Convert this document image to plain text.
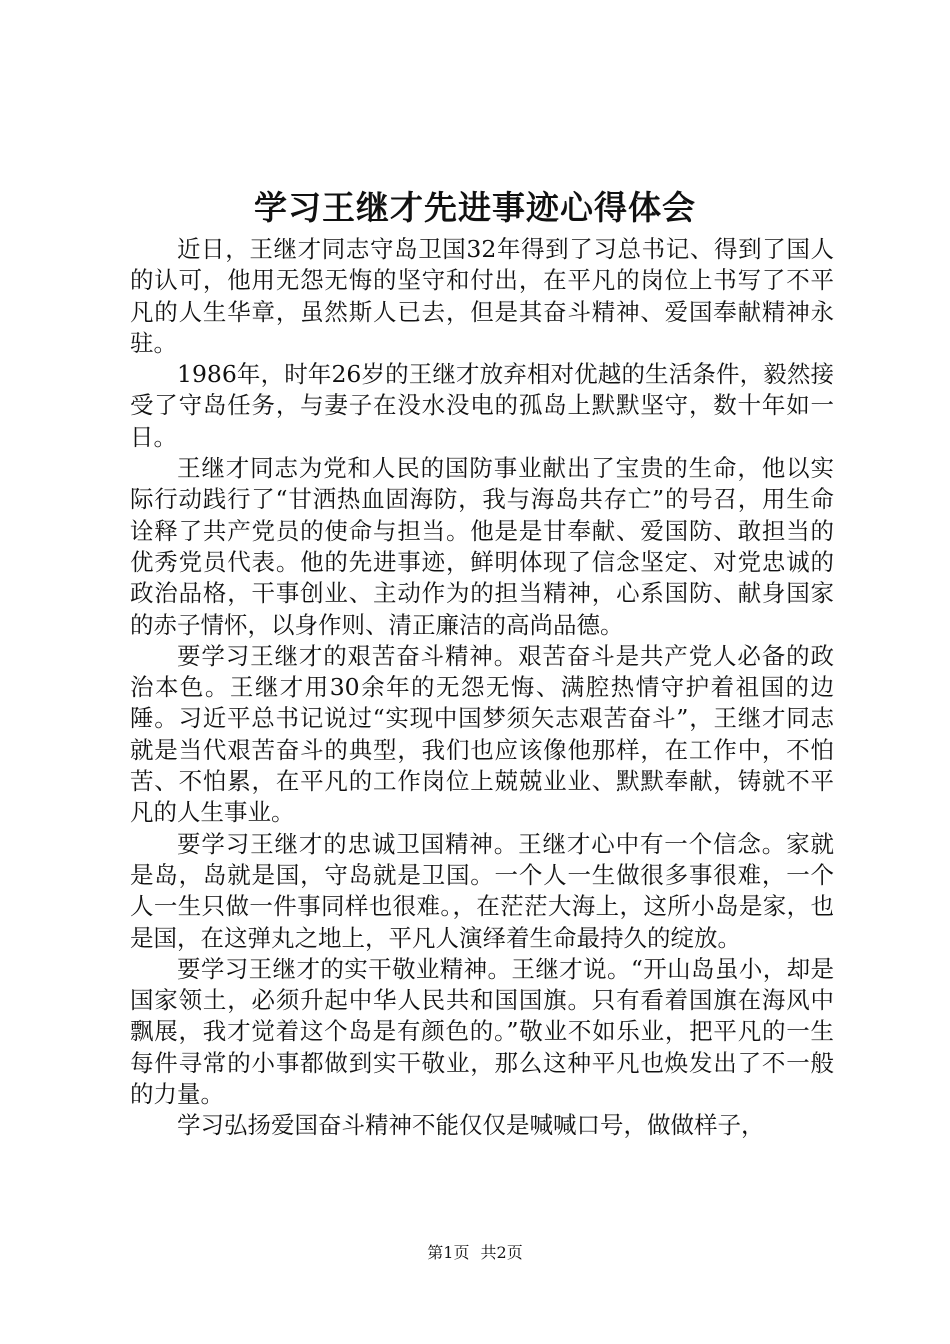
学习王继才先进事迹心得体会

近日，王继才同志守岛卫国32年得到了习总书记、得到了国人的认可，他用无怨无悔的坚守和付出，在平凡的岗位上书写了不平凡的人生华章，虽然斯人已去，但是其奋斗精神、爱国奉献精神永驻。

1986年，时年26岁的王继才放弃相对优越的生活条件，毅然接受了守岛任务，与妻子在没水没电的孤岛上默默坚守，数十年如一日。

王继才同志为党和人民的国防事业献出了宝贵的生命，他以实际行动践行了“甘洒热血固海防，我与海岛共存亡”的号召，用生命诠释了共产党员的使命与担当。他是是甘奉献、爱国防、敢担当的优秀党员代表。他的先进事迹，鲜明体现了信念坚定、对党忠诚的政治品格，干事创业、主动作为的担当精神，心系国防、献身国家的赤子情怀，以身作则、清正廉洁的高尚品德。

要学习王继才的艰苦奋斗精神。艰苦奋斗是共产党人必备的政治本色。王继才用30余年的无怨无悔、满腔热情守护着祖国的边陲。习近平总书记说过“实现中国梦须矢志艰苦奋斗”，王继才同志就是当代艰苦奋斗的典型，我们也应该像他那样，在工作中，不怕苦、不怕累，在平凡的工作岗位上兢兢业业、默默奉献，铸就不平凡的人生事业。

要学习王继才的忠诚卫国精神。王继才心中有一个信念。家就是岛，岛就是国，守岛就是卫国。一个人一生做很多事很难，一个人一生只做一件事同样也很难。，在茫茫大海上，这所小岛是家，也是国，在这弹丸之地上，平凡人演绎着生命最持久的绽放。

要学习王继才的实干敬业精神。王继才说。“开山岛虽小，却是国家领土，必须升起中华人民共和国国旗。只有看着国旗在海风中飘展，我才觉着这个岛是有颜色的。”敬业不如乐业，把平凡的一生每件寻常的小事都做到实干敬业，那么这种平凡也焕发出了不一般的力量。

学习弘扬爱国奋斗精神不能仅仅是喊喊口号，做做样子，

第1页 共2页
